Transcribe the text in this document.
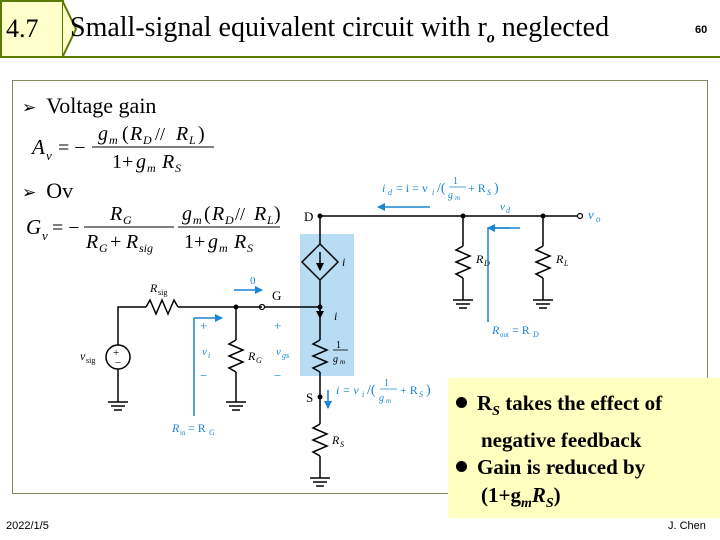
4.7 Small-signal equivalent circuit with $r_o$ neglected	60
➢ Voltage gain
➢ Ov
A v = −
g m ( R D // R L )
1+ g m R S
G v = −
R G
R G + R sig
g m ( R D // R L )
1+ g m R S
D	v o
i d = i = v i /( 1
g m
+ R S )
v d
R D	R L
R out = R D
i
i
1
g m
G
0
S i = v i /( 1
g m
+ R S )
R S
R sig
+
−
v sig	R G
+
v i
−
+
v gs
−
R in = R G
$R_S$ takes the effect of
negative feedback
Gain is reduced by
$(1+g_mR_S)$
2022/1/5	J. Chen
